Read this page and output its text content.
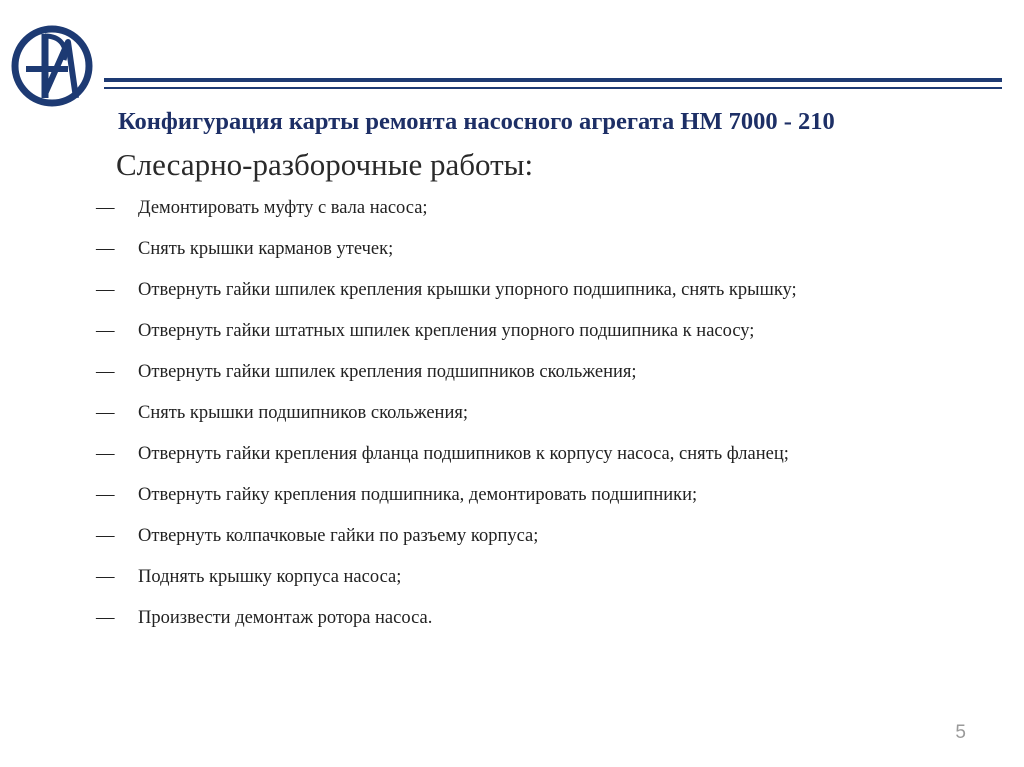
Конфигурация карты ремонта насосного агрегата НМ 7000 - 210
Слесарно-разборочные работы:
—	Демонтировать муфту с вала насоса;
—	Снять крышки карманов утечек;
—	Отвернуть гайки шпилек крепления крышки упорного подшипника, снять крышку;
—	Отвернуть гайки штатных шпилек крепления упорного подшипника к насосу;
—	Отвернуть гайки шпилек крепления подшипников скольжения;
—	Снять крышки подшипников скольжения;
—	Отвернуть гайки крепления фланца подшипников к корпусу насоса, снять фланец;
—	Отвернуть гайку крепления подшипника, демонтировать подшипники;
—	Отвернуть колпачковые гайки по разъему корпуса;
—	Поднять крышку корпуса насоса;
—	Произвести демонтаж ротора насоса.
5
